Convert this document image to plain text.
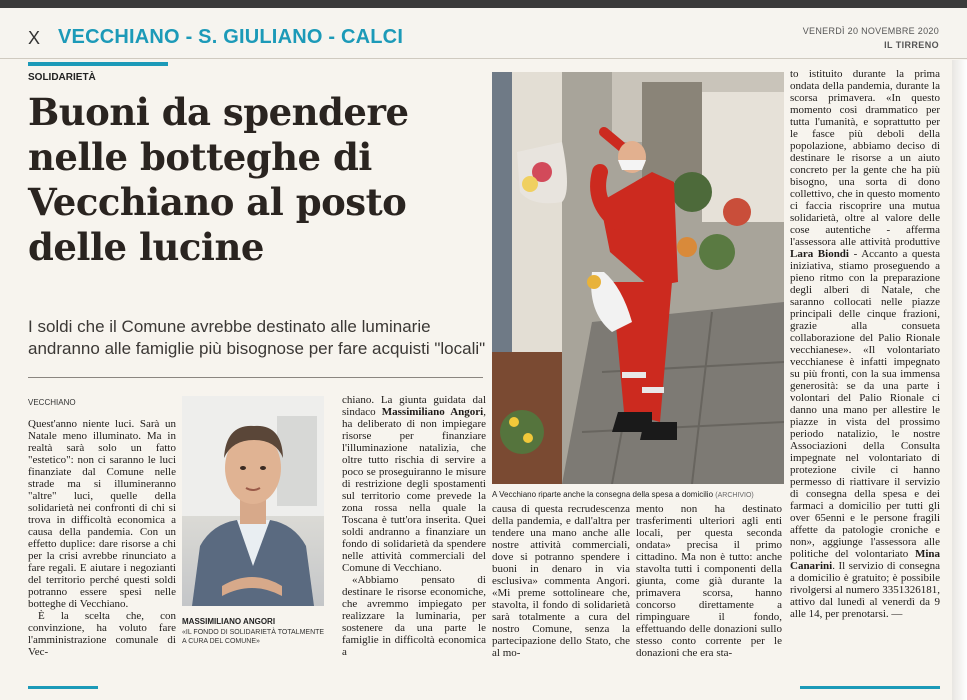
X VECCHIANO - S. GIULIANO - CALCI	VENERDÌ 20 NOVEMBRE 2020
IL TIRRENO
SOLIDARIETÀ
Buoni da spendere nelle botteghe di Vecchiano al posto delle lucine
I soldi che il Comune avrebbe destinato alle luminarie andranno alle famiglie più bisognose per fare acquisti "locali"
VECCHIANO

Quest'anno niente luci. Sarà un Natale meno illuminato. Ma in realtà sarà solo un fatto "estetico": non ci saranno le luci finanziate dal Comune nelle strade ma si illumineranno "altre" luci, quelle della solidarietà nei confronti di chi si trova in difficoltà economica a causa della pandemia. Con un effetto duplice: dare risorse a chi per la crisi avrebbe rinunciato a fare regali. E aiutare i negozianti del territorio perché questi soldi potranno essere spesi nelle botteghe di Vecchiano.

È la scelta che, con convinzione, ha voluto fare l'amministrazione comunale di Vec-

MASSIMILIANO ANGORI
«IL FONDO DI SOLIDARIETÀ TOTALMENTE A CURA DEL COMUNE»

chiano. La giunta guidata dal sindaco Massimiliano Angori, ha deliberato di non impiegare risorse per finanziare l'illuminazione natalizia, che oltre tutto rischia di servire a poco se proseguiranno le misure di restrizione degli spostamenti sul territorio come prevede la zona rossa nella quale la Toscana è tutt'ora inserita. Quei soldi andranno a finanziare un fondo di solidarietà da spendere nelle attività commerciali del Comune di Vecchiano.

«Abbiamo pensato di destinare le risorse economiche, che avremmo impiegato per realizzare la luminaria, per sostenere da una parte le famiglie in difficoltà economica a

A Vecchiano riparte anche la consegna della spesa a domicilio (ARCHIVIO)

causa di questa recrudescenza della pandemia, e dall'altra per tendere una mano anche alle nostre attività commerciali, dove si potranno spendere i buoni in denaro in via esclusiva» commenta Angori. «Mi preme sottolineare che, stavolta, il fondo di solidarietà sarà totalmente a cura del nostro Comune, senza la partecipazione dello Stato, che al mo-

mento non ha destinato trasferimenti ulteriori agli enti locali, per questa seconda ondata» precisa il primo cittadino. Ma non è tutto: anche stavolta tutti i componenti della giunta, come già durante la primavera scorsa, hanno concorso direttamente a rimpinguare il fondo, effettuando delle donazioni sullo stesso conto corrente per le donazioni che era sta-

to istituito durante la prima ondata della pandemia, durante la scorsa primavera. «In questo momento così drammatico per tutta l'umanità, e soprattutto per le fasce più deboli della popolazione, abbiamo deciso di destinare le risorse a un aiuto concreto per la gente che ha più bisogno, una sorta di dono collettivo, che in questo momento ci faccia riscoprire una mutua solidarietà, oltre al valore delle cose autentiche - afferma l'assessora alle attività produttive Lara Biondi - Accanto a questa iniziativa, stiamo proseguendo a pieno ritmo con la preparazione degli alberi di Natale, che saranno collocati nelle piazze principali delle cinque frazioni, grazie alla consueta collaborazione del Palio Rionale vecchianese». «Il volontariato vecchianese è infatti impegnato su più fronti, con la sua immensa generosità: se da una parte i volontari del Palio Rionale ci danno una mano per allestire le piazze in vista del prossimo periodo natalizio, le nostre Associazioni della Consulta impegnate nel volontariato di protezione civile ci hanno permesso di riattivare il servizio di consegna della spesa e dei farmaci a domicilio per tutti gli over 65enni e le persone fragili affette da patologie croniche e non», aggiunge l'assessora alle politiche del volontariato Mina Canarini. Il servizio di consegna a domicilio è gratuito; è possibile rivolgersi al numero 3351326181, attivo dal lunedì al venerdì da 9 alle 14, per prenotarsi. —
